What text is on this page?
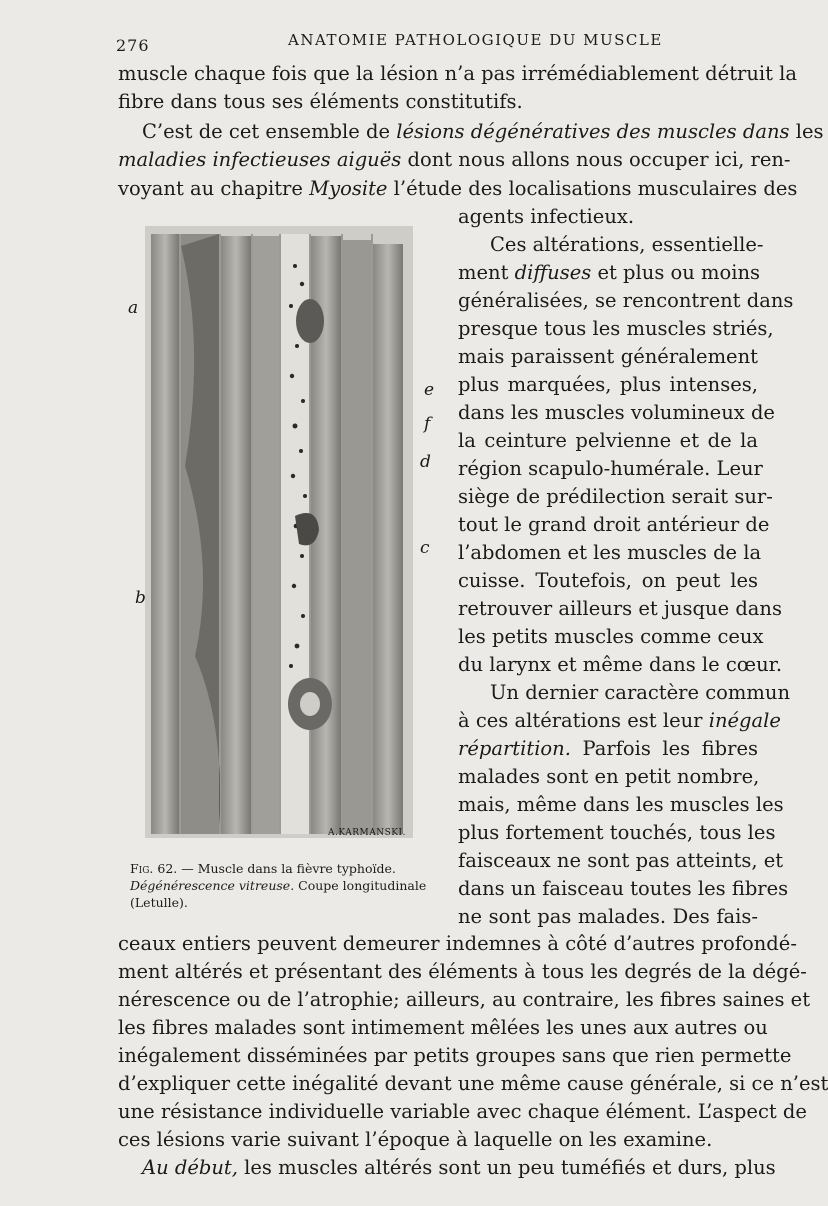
276	ANATOMIE PATHOLOGIQUE DU MUSCLE
muscle chaque fois que la lésion n’a pas irrémédiablement détruit la
fibre dans tous ses éléments constitutifs.
C’est de cet ensemble de lésions dégénératives des muscles dans les
maladies infectieuses aiguës dont nous allons nous occuper ici, ren-
voyant au chapitre Myosite l’étude des localisations musculaires des
a
e
f
d
c
b
A.KARMANSKI.
Fig. 62. — Muscle dans la fièvre typhoïde.
Dégénérescence vitreuse. Coupe longitudinale
(Letulle).
agents infectieux.
Ces altérations, essentielle-
ment diffuses et plus ou moins
généralisées, se rencontrent dans
presque tous les muscles striés,
mais paraissent généralement
plus marquées, plus intenses,
dans les muscles volumineux de
la ceinture pelvienne et de la
région scapulo-humérale. Leur
siège de prédilection serait sur-
tout le grand droit antérieur de
l’abdomen et les muscles de la
cuisse. Toutefois, on peut les
retrouver ailleurs et jusque dans
les petits muscles comme ceux
du larynx et même dans le cœur.
Un dernier caractère commun
à ces altérations est leur inégale
répartition. Parfois les fibres
malades sont en petit nombre,
mais, même dans les muscles les
plus fortement touchés, tous les
faisceaux ne sont pas atteints, et
dans un faisceau toutes les fibres
ne sont pas malades. Des fais-
ceaux entiers peuvent demeurer indemnes à côté d’autres profondé-
ment altérés et présentant des éléments à tous les degrés de la dégé-
nérescence ou de l’atrophie; ailleurs, au contraire, les fibres saines et
les fibres malades sont intimement mêlées les unes aux autres ou
inégalement disséminées par petits groupes sans que rien permette
d’expliquer cette inégalité devant une même cause générale, si ce n’est
une résistance individuelle variable avec chaque élément. L’aspect de
ces lésions varie suivant l’époque à laquelle on les examine.
Au début, les muscles altérés sont un peu tuméfiés et durs, plus
